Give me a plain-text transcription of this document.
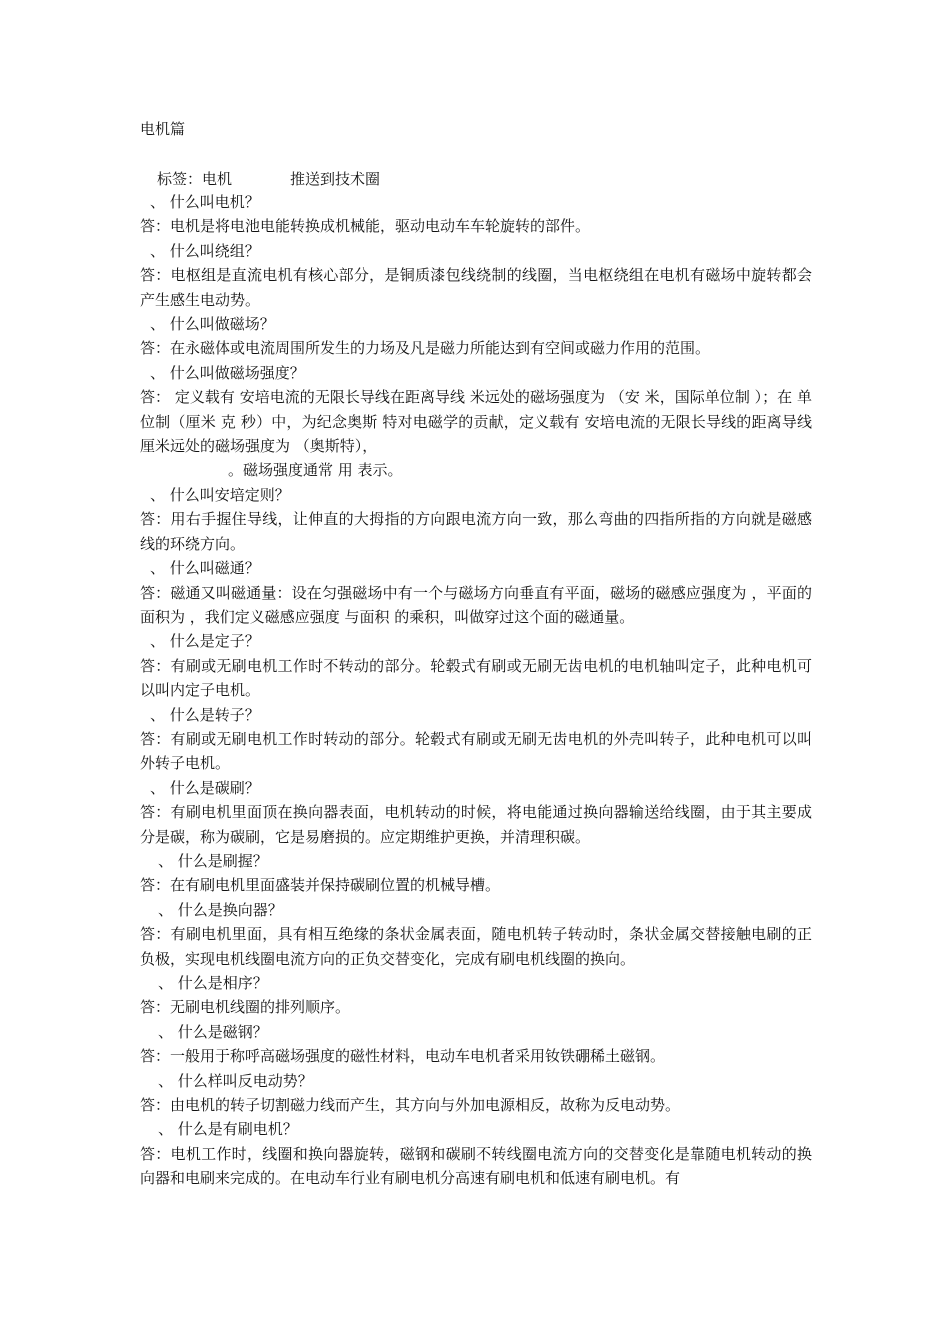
电机篇
标签：电机	推送到技术圈

、 什么叫电机？

答：电机是将电池电能转换成机械能，驱动电动车车轮旋转的部件。

、 什么叫绕组？

答：电枢组是直流电机有核心部分，是铜质漆包线绕制的线圈，当电枢绕组在电机有磁场中旋转都会产生感生电动势。

、 什么叫做磁场？

答：在永磁体或电流周围所发生的力场及凡是磁力所能达到有空间或磁力作用的范围。

、 什么叫做磁场强度？

答： 定义载有 安培电流的无限长导线在距离导线 米远处的磁场强度为 （安 米，国际单位制 ）；在 单位制（厘米 克 秒）中，为纪念奥斯 特对电磁学的贡献，定义载有 安培电流的无限长导线的距离导线 厘米远处的磁场强度为 （奥斯特），
。磁场强度通常 用 表示。

、 什么叫安培定则？

答：用右手握住导线，让伸直的大拇指的方向跟电流方向一致，那么弯曲的四指所指的方向就是磁感线的环绕方向。

、 什么叫磁通？

答：磁通又叫磁通量：设在匀强磁场中有一个与磁场方向垂直有平面，磁场的磁感应强度为 ，平面的面积为 ，我们定义磁感应强度 与面积 的乘积，叫做穿过这个面的磁通量。

、 什么是定子？

答：有刷或无刷电机工作时不转动的部分。轮毂式有刷或无刷无齿电机的电机轴叫定子，此种电机可以叫内定子电机。

、 什么是转子？

答：有刷或无刷电机工作时转动的部分。轮毂式有刷或无刷无齿电机的外壳叫转子，此种电机可以叫外转子电机。

、 什么是碳刷？

答：有刷电机里面顶在换向器表面，电机转动的时候，将电能通过换向器输送给线圈，由于其主要成分是碳，称为碳刷，它是易磨损的。应定期维护更换，并清理积碳。

、 什么是刷握？

答：在有刷电机里面盛装并保持碳刷位置的机械导槽。

、 什么是换向器？

答：有刷电机里面，具有相互绝缘的条状金属表面，随电机转子转动时，条状金属交替接触电刷的正负极，实现电机线圈电流方向的正负交替变化，完成有刷电机线圈的换向。

、 什么是相序？

答：无刷电机线圈的排列顺序。

、 什么是磁钢？

答：一般用于称呼高磁场强度的磁性材料，电动车电机者采用钕铁硼稀土磁钢。

、 什么样叫反电动势？

答：由电机的转子切割磁力线而产生，其方向与外加电源相反，故称为反电动势。

、 什么是有刷电机？

答：电机工作时，线圈和换向器旋转，磁钢和碳刷不转线圈电流方向的交替变化是靠随电机转动的换向器和电刷来完成的。在电动车行业有刷电机分高速有刷电机和低速有刷电机。有
